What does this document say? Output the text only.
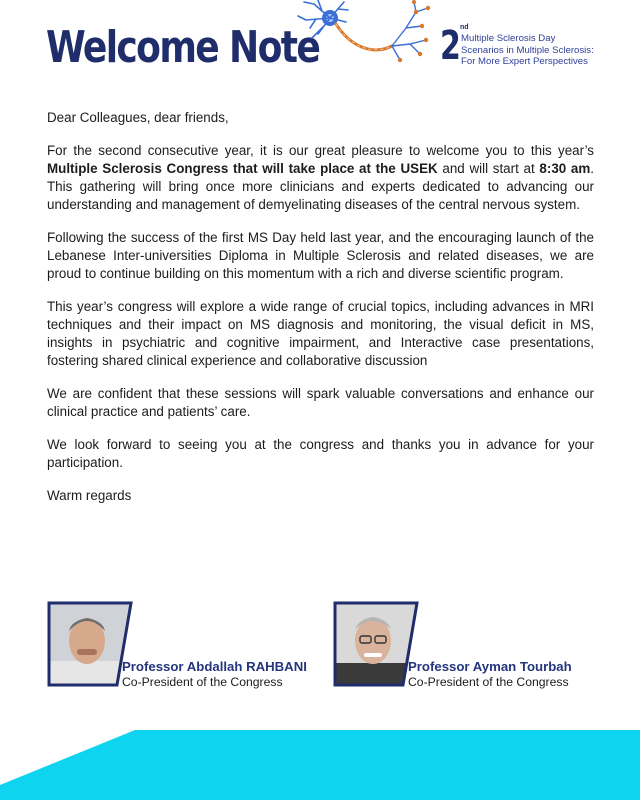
Welcome Note	2 nd
Multiple Sclerosis Day
Scenarios in Multiple Sclerosis:
For More Expert Perspectives

Dear Colleagues, dear friends,

For the second consecutive year, it is our great pleasure to welcome you to this year’s Multiple Sclerosis Congress that will take place at the USEK and will start at 8:30 am. This gathering will bring once more clinicians and experts dedicated to advancing our understanding and management of demyelinating diseases of the central nervous system.

Following the success of the first MS Day held last year, and the encouraging launch of the Lebanese Inter-universities Diploma in Multiple Sclerosis and related diseases, we are proud to continue building on this momentum with a rich and diverse scientific program.

This year’s congress will explore a wide range of crucial topics, including advances in MRI techniques and their impact on MS diagnosis and monitoring, the visual deficit in MS, insights in psychiatric and cognitive impairment, and Interactive case presentations, fostering shared clinical experience and collaborative discussion

We are confident that these sessions will spark valuable conversations and enhance our clinical practice and patients’ care.

We look forward to seeing you at the congress and thanks you in advance for your participation.

Warm regards

Professor Abdallah RAHBANI
Co-President of the Congress
Professor Ayman Tourbah
Co-President of the Congress
